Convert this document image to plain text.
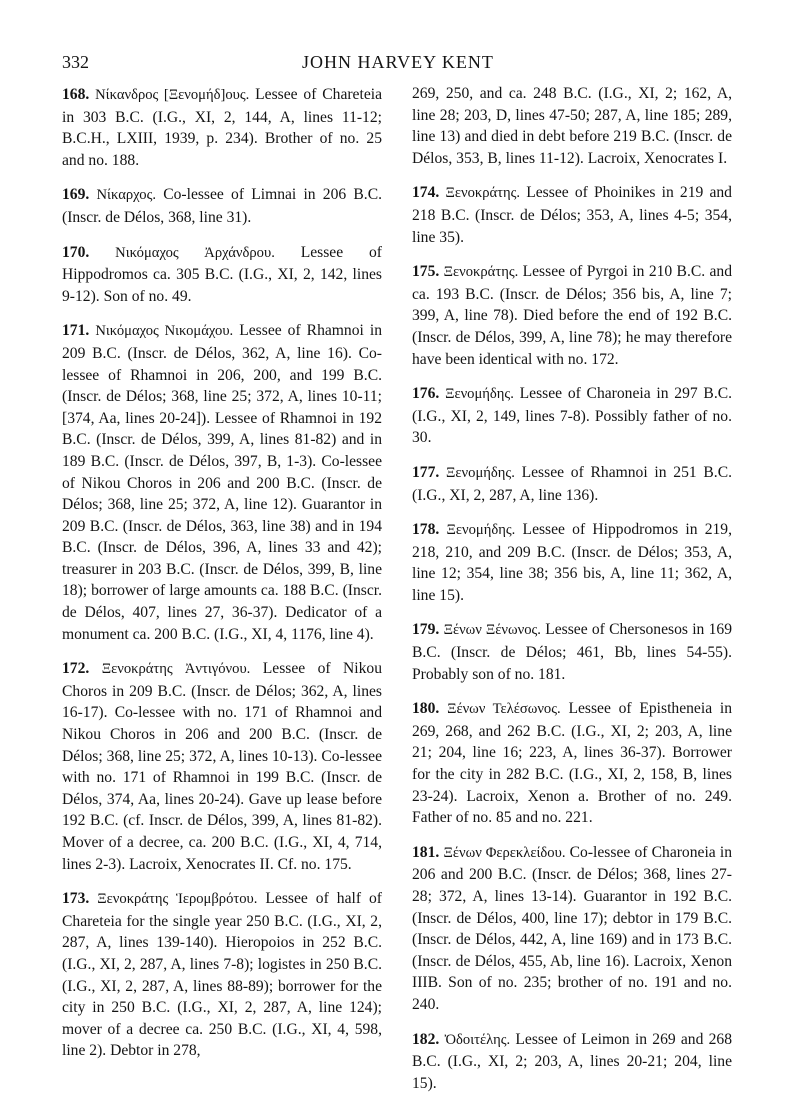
332	JOHN HARVEY KENT

168. Νίκανδρος [Ξενομήδ]ους. Lessee of Chareteia in 303 B.C. (I.G., XI, 2, 144, A, lines 11-12; B.C.H., LXIII, 1939, p. 234). Brother of no. 25 and no. 188.

169. Νίκαρχος. Co-lessee of Limnai in 206 B.C. (Inscr. de Délos, 368, line 31).

170. Νικόμαχος Ἀρχάνδρου. Lessee of Hippodromos ca. 305 B.C. (I.G., XI, 2, 142, lines 9-12). Son of no. 49.

171. Νικόμαχος Νικομάχου. Lessee of Rhamnoi in 209 B.C. (Inscr. de Délos, 362, A, line 16). Co-lessee of Rhamnoi in 206, 200, and 199 B.C. (Inscr. de Délos; 368, line 25; 372, A, lines 10-11; [374, Aa, lines 20-24]). Lessee of Rhamnoi in 192 B.C. (Inscr. de Délos, 399, A, lines 81-82) and in 189 B.C. (Inscr. de Délos, 397, B, 1-3). Co-lessee of Nikou Choros in 206 and 200 B.C. (Inscr. de Délos; 368, line 25; 372, A, line 12). Guarantor in 209 B.C. (Inscr. de Délos, 363, line 38) and in 194 B.C. (Inscr. de Délos, 396, A, lines 33 and 42); treasurer in 203 B.C. (Inscr. de Délos, 399, B, line 18); borrower of large amounts ca. 188 B.C. (Inscr. de Délos, 407, lines 27, 36-37). Dedicator of a monument ca. 200 B.C. (I.G., XI, 4, 1176, line 4).

172. Ξενοκράτης Ἀντιγόνου. Lessee of Nikou Choros in 209 B.C. (Inscr. de Délos; 362, A, lines 16-17). Co-lessee with no. 171 of Rhamnoi and Nikou Choros in 206 and 200 B.C. (Inscr. de Délos; 368, line 25; 372, A, lines 10-13). Co-lessee with no. 171 of Rhamnoi in 199 B.C. (Inscr. de Délos, 374, Aa, lines 20-24). Gave up lease before 192 B.C. (cf. Inscr. de Délos, 399, A, lines 81-82). Mover of a decree, ca. 200 B.C. (I.G., XI, 4, 714, lines 2-3). Lacroix, Xenocrates II. Cf. no. 175.

173. Ξενοκράτης Ἱερομβρότου. Lessee of half of Chareteia for the single year 250 B.C. (I.G., XI, 2, 287, A, lines 139-140). Hieropoios in 252 B.C. (I.G., XI, 2, 287, A, lines 7-8); logistes in 250 B.C. (I.G., XI, 2, 287, A, lines 88-89); borrower for the city in 250 B.C. (I.G., XI, 2, 287, A, line 124); mover of a decree ca. 250 B.C. (I.G., XI, 4, 598, line 2). Debtor in 278,

269, 250, and ca. 248 B.C. (I.G., XI, 2; 162, A, line 28; 203, D, lines 47-50; 287, A, line 185; 289, line 13) and died in debt before 219 B.C. (Inscr. de Délos, 353, B, lines 11-12). Lacroix, Xenocrates I.

174. Ξενοκράτης. Lessee of Phoinikes in 219 and 218 B.C. (Inscr. de Délos; 353, A, lines 4-5; 354, line 35).

175. Ξενοκράτης. Lessee of Pyrgoi in 210 B.C. and ca. 193 B.C. (Inscr. de Délos; 356 bis, A, line 7; 399, A, line 78). Died before the end of 192 B.C. (Inscr. de Délos, 399, A, line 78); he may therefore have been identical with no. 172.

176. Ξενομήδης. Lessee of Charoneia in 297 B.C. (I.G., XI, 2, 149, lines 7-8). Possibly father of no. 30.

177. Ξενομήδης. Lessee of Rhamnoi in 251 B.C. (I.G., XI, 2, 287, A, line 136).

178. Ξενομήδης. Lessee of Hippodromos in 219, 218, 210, and 209 B.C. (Inscr. de Délos; 353, A, line 12; 354, line 38; 356 bis, A, line 11; 362, A, line 15).

179. Ξένων Ξένωνος. Lessee of Chersonesos in 169 B.C. (Inscr. de Délos; 461, Bb, lines 54-55). Probably son of no. 181.

180. Ξένων Τελέσωνος. Lessee of Epistheneia in 269, 268, and 262 B.C. (I.G., XI, 2; 203, A, line 21; 204, line 16; 223, A, lines 36-37). Borrower for the city in 282 B.C. (I.G., XI, 2, 158, B, lines 23-24). Lacroix, Xenon a. Brother of no. 249. Father of no. 85 and no. 221.

181. Ξένων Φερεκλείδου. Co-lessee of Charoneia in 206 and 200 B.C. (Inscr. de Délos; 368, lines 27-28; 372, A, lines 13-14). Guarantor in 192 B.C. (Inscr. de Délos, 400, line 17); debtor in 179 B.C. (Inscr. de Délos, 442, A, line 169) and in 173 B.C. (Inscr. de Délos, 455, Ab, line 16). Lacroix, Xenon IIIB. Son of no. 235; brother of no. 191 and no. 240.

182. Ὀδοιτέλης. Lessee of Leimon in 269 and 268 B.C. (I.G., XI, 2; 203, A, lines 20-21; 204, line 15).
